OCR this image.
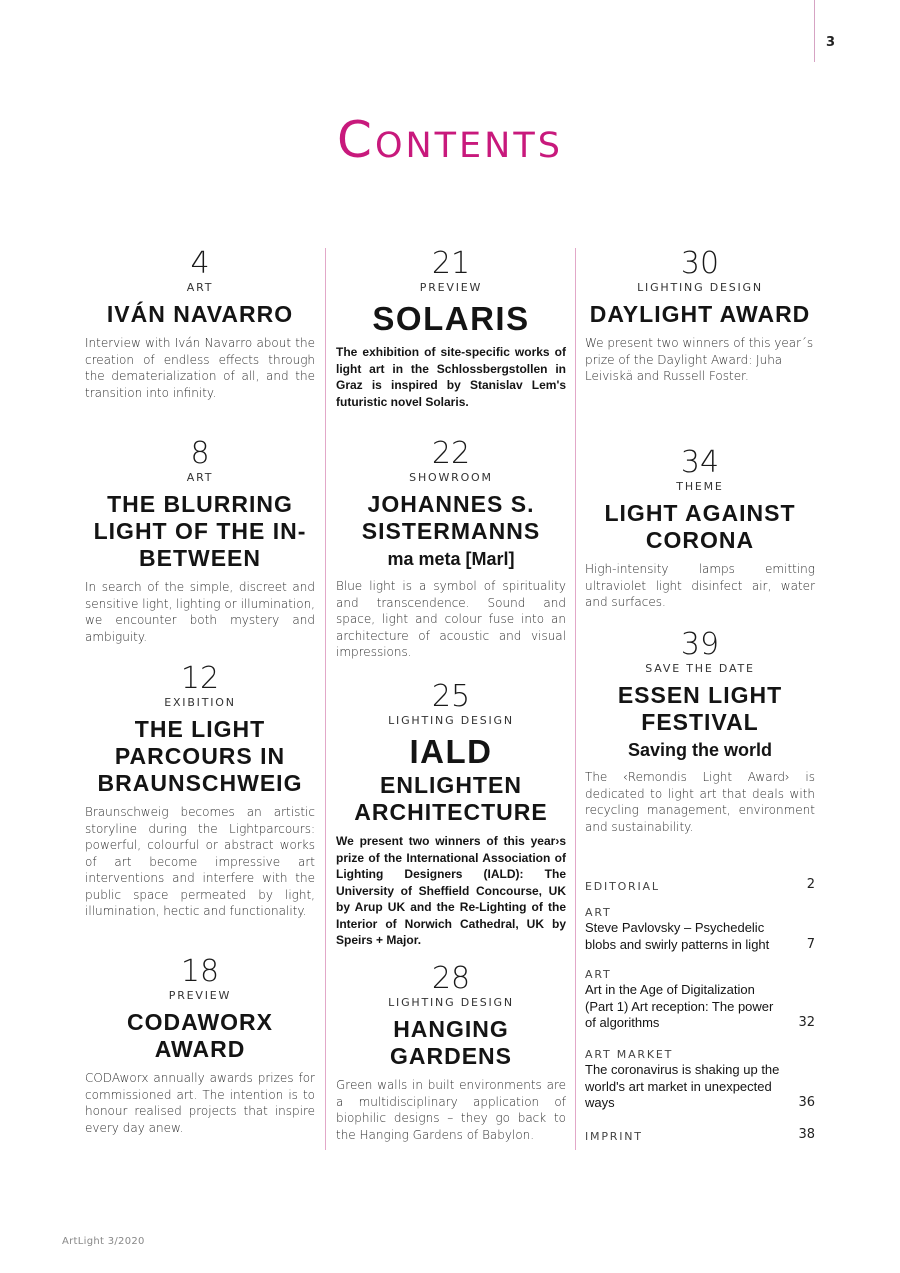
3
Contents
4
ART
IVÁN NAVARRO
Interview with Iván Navarro about the creation of endless effects through the dematerialization of all, and the transition into infinity.
8
ART
THE BLURRING LIGHT OF THE IN-BETWEEN
In search of the simple, discreet and sensitive light, lighting or illumination, we encounter both mystery and ambiguity.
12
EXIBITION
THE LIGHT PARCOURS IN BRAUNSCHWEIG
Braunschweig becomes an artistic storyline during the Lightparcours: powerful, colourful or abstract works of art become impressive art interventions and interfere with the public space permeated by light, illumination, hectic and functionality.
18
PREVIEW
CODAWORX AWARD
CODAworx annually awards prizes for commissioned art. The intention is to honour realised projects that inspire every day anew.
21
PREVIEW
SOLARIS
The exhibition of site-specific works of light art in the Schlossbergstollen in Graz is inspired by Stanislav Lem's futuristic novel Solaris.
22
SHOWROOM
JOHANNES S. SISTERMANNS
ma meta [Marl]
Blue light is a symbol of spirituality and transcendence. Sound and space, light and colour fuse into an architecture of acoustic and visual impressions.
25
LIGHTING DESIGN
IALD
ENLIGHTEN ARCHITECTURE
We present two winners of this year›s prize of the International Association of Lighting Designers (IALD): The University of Sheffield Concourse, UK by Arup UK and the Re-Lighting of the Interior of Norwich Cathedral, UK by Speirs + Major.
28
LIGHTING DESIGN
HANGING GARDENS
Green walls in built environments are a multidisciplinary application of biophilic designs – they go back to the Hanging Gardens of Babylon.
30
LIGHTING DESIGN
DAYLIGHT AWARD
We present two winners of this year´s prize of the Daylight Award: Juha Leiviskä and Russell Foster.
34
THEME
LIGHT AGAINST CORONA
High-intensity lamps emitting ultraviolet light disinfect air, water and surfaces.
39
SAVE THE DATE
ESSEN LIGHT FESTIVAL
Saving the world
The ‹Remondis Light Award› is dedicated to light art that deals with recycling management, environment and sustainability.
EDITORIAL	2
ART
Steve Pavlovsky – Psychedelic blobs and swirly patterns in light	7
ART
Art in the Age of Digitalization (Part 1) Art reception: The power of algorithms	32
ART MARKET
The coronavirus is shaking up the world's art market in unexpected ways	36
IMPRINT	38
ArtLight 3/2020
